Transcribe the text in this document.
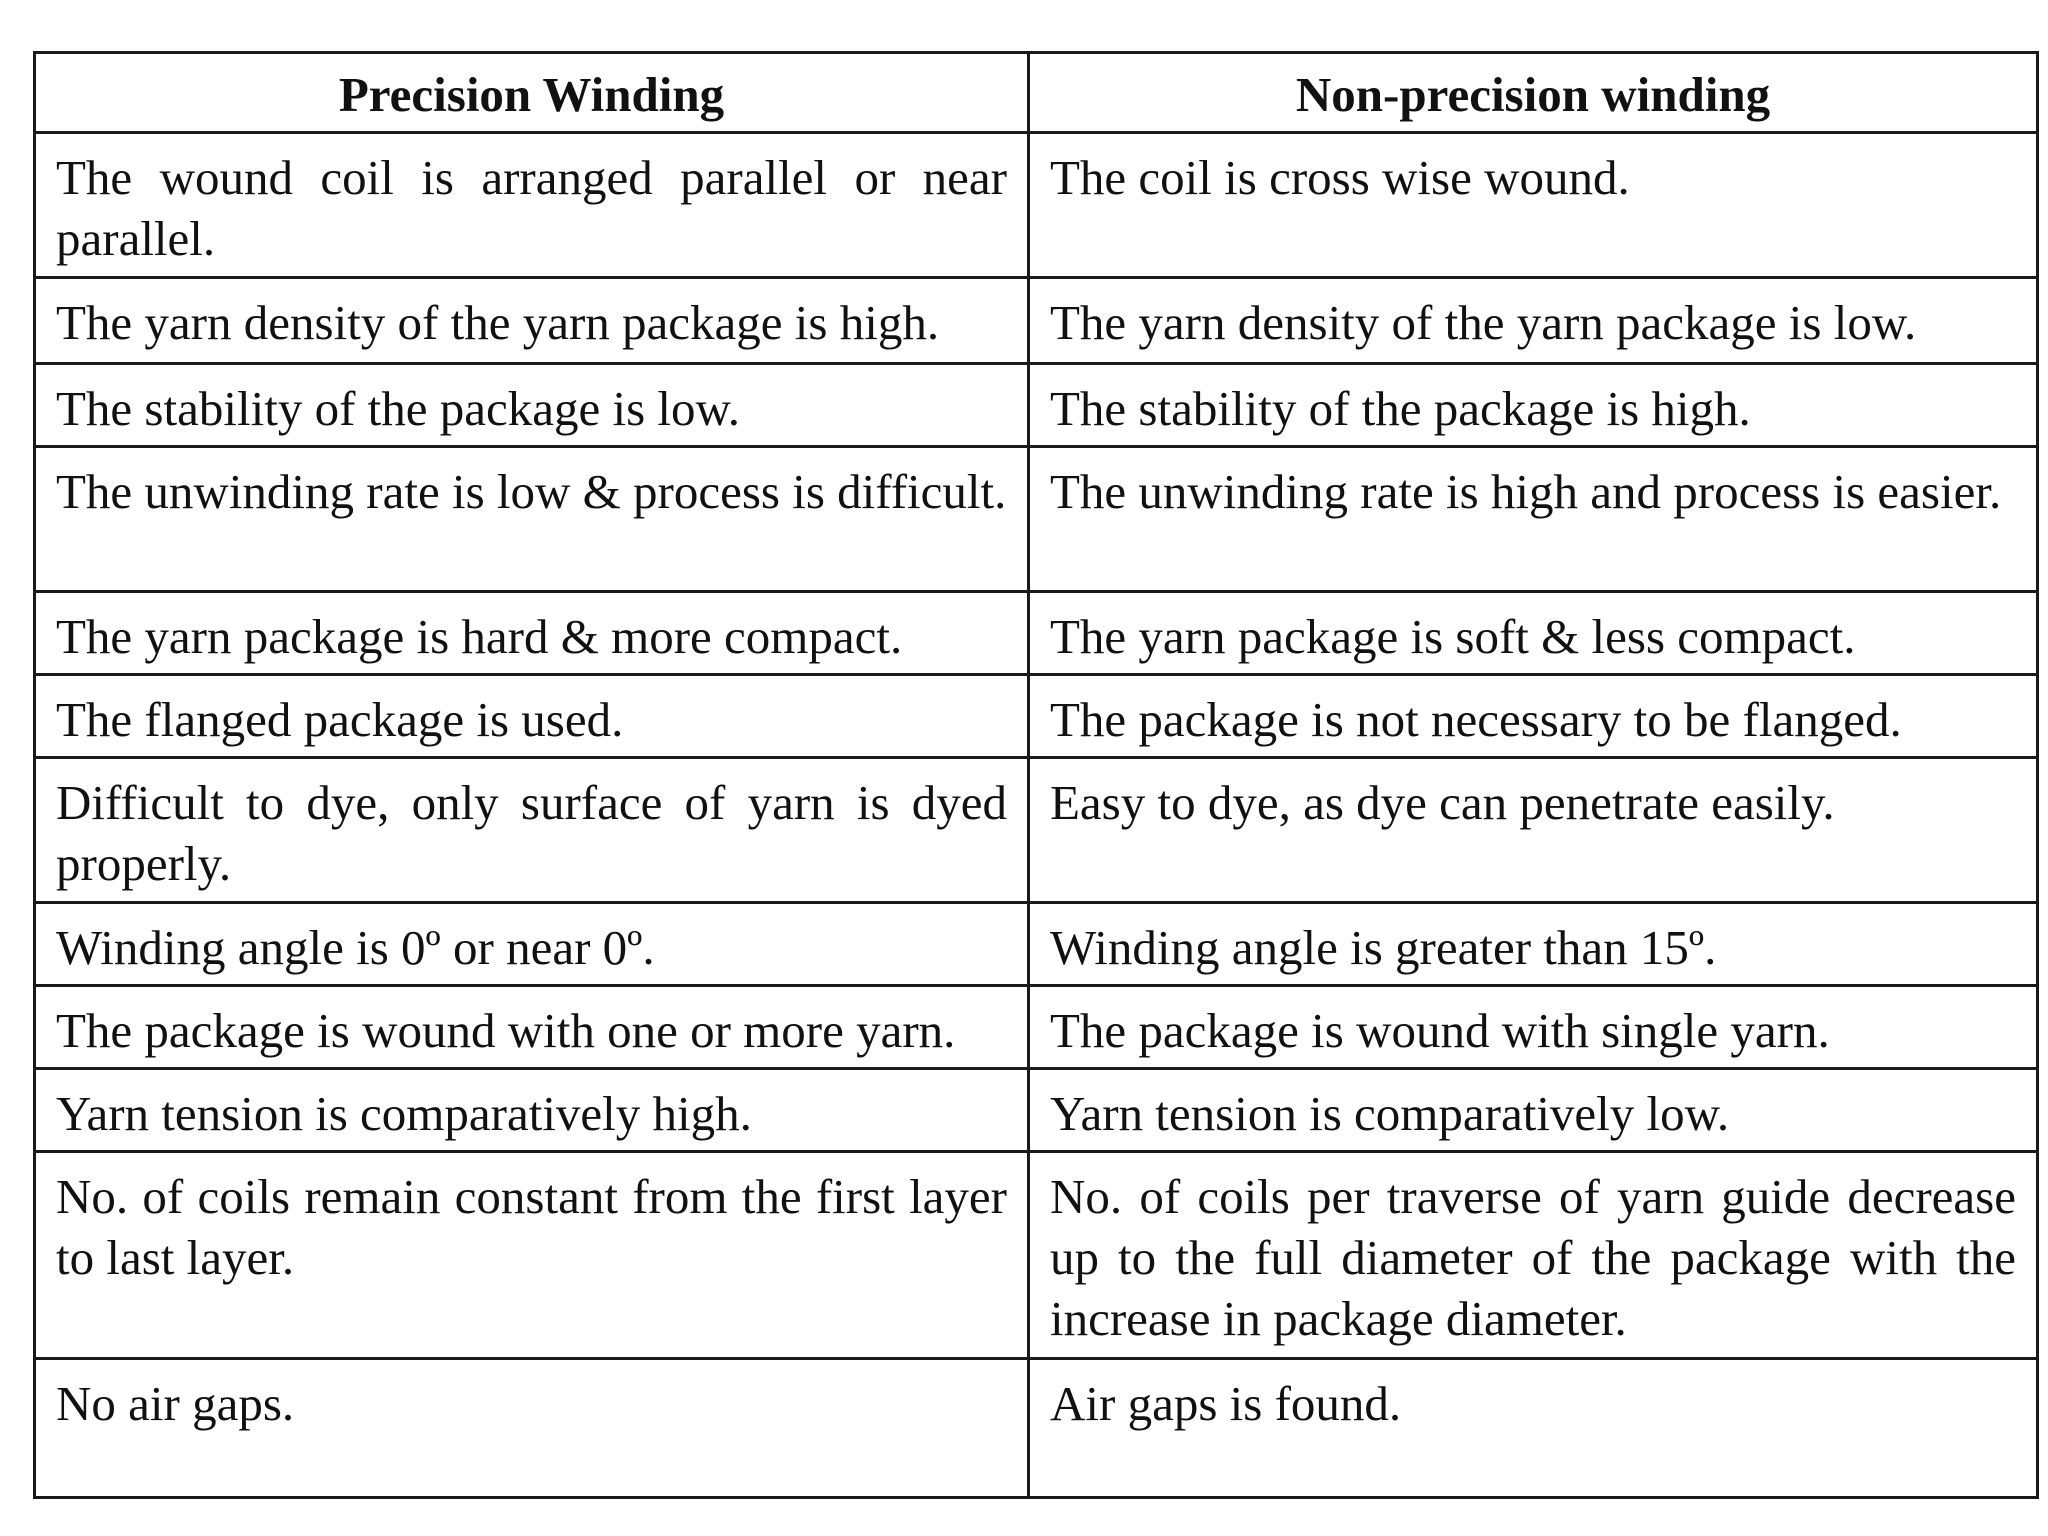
Precision Winding	Non-precision winding
The wound coil is arranged parallel or near parallel.	The coil is cross wise wound.
The yarn density of the yarn package is high.	The yarn density of the yarn package is low.
The stability of the package is low.	The stability of the package is high.
The unwinding rate is low & process is difficult.	The unwinding rate is high and process is easier.
The yarn package is hard & more compact.	The yarn package is soft & less compact.
The flanged package is used.	The package is not necessary to be flanged.
Difficult to dye, only surface of yarn is dyed properly.	Easy to dye, as dye can penetrate easily.
Winding angle is 0º or near 0º.	Winding angle is greater than 15º.
The package is wound with one or more yarn.	The package is wound with single yarn.
Yarn tension is comparatively high.	Yarn tension is comparatively low.
No. of coils remain constant from the first layer to last layer.	No. of coils per traverse of yarn guide decrease up to the full diameter of the package with the increase in package diameter.
No air gaps.	Air gaps is found.
